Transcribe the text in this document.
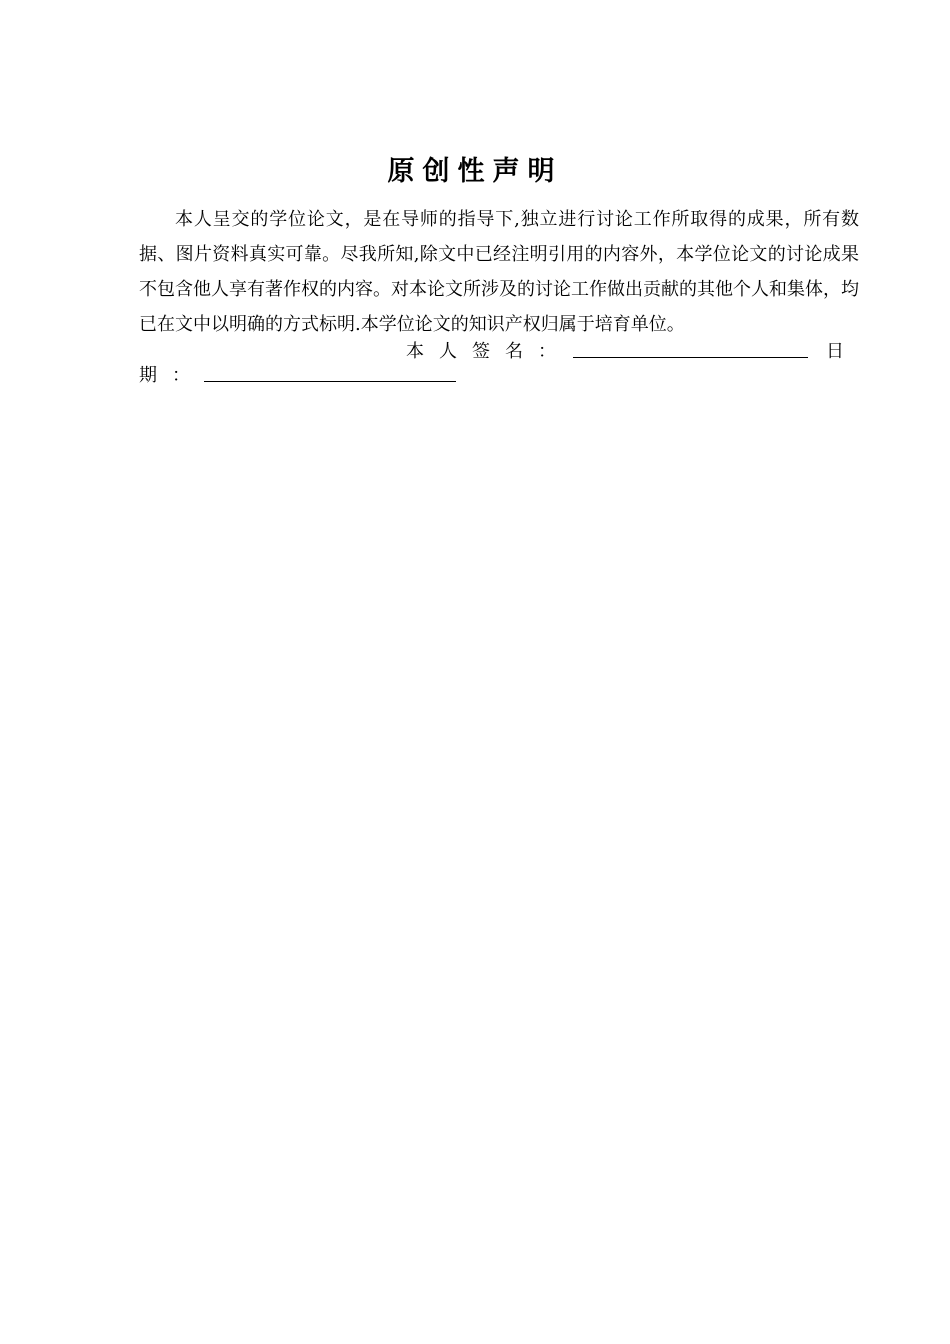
原创性声明

本人呈交的学位论文，是在导师的指导下,独立进行讨论工作所取得的成果，所有数据、图片资料真实可靠。尽我所知,除文中已经注明引用的内容外，本学位论文的讨论成果不包含他人享有著作权的内容。对本论文所涉及的讨论工作做出贡献的其他个人和集体，均已在文中以明确的方式标明.本学位论文的知识产权归属于培育单位。

本人签名：	日
期：
